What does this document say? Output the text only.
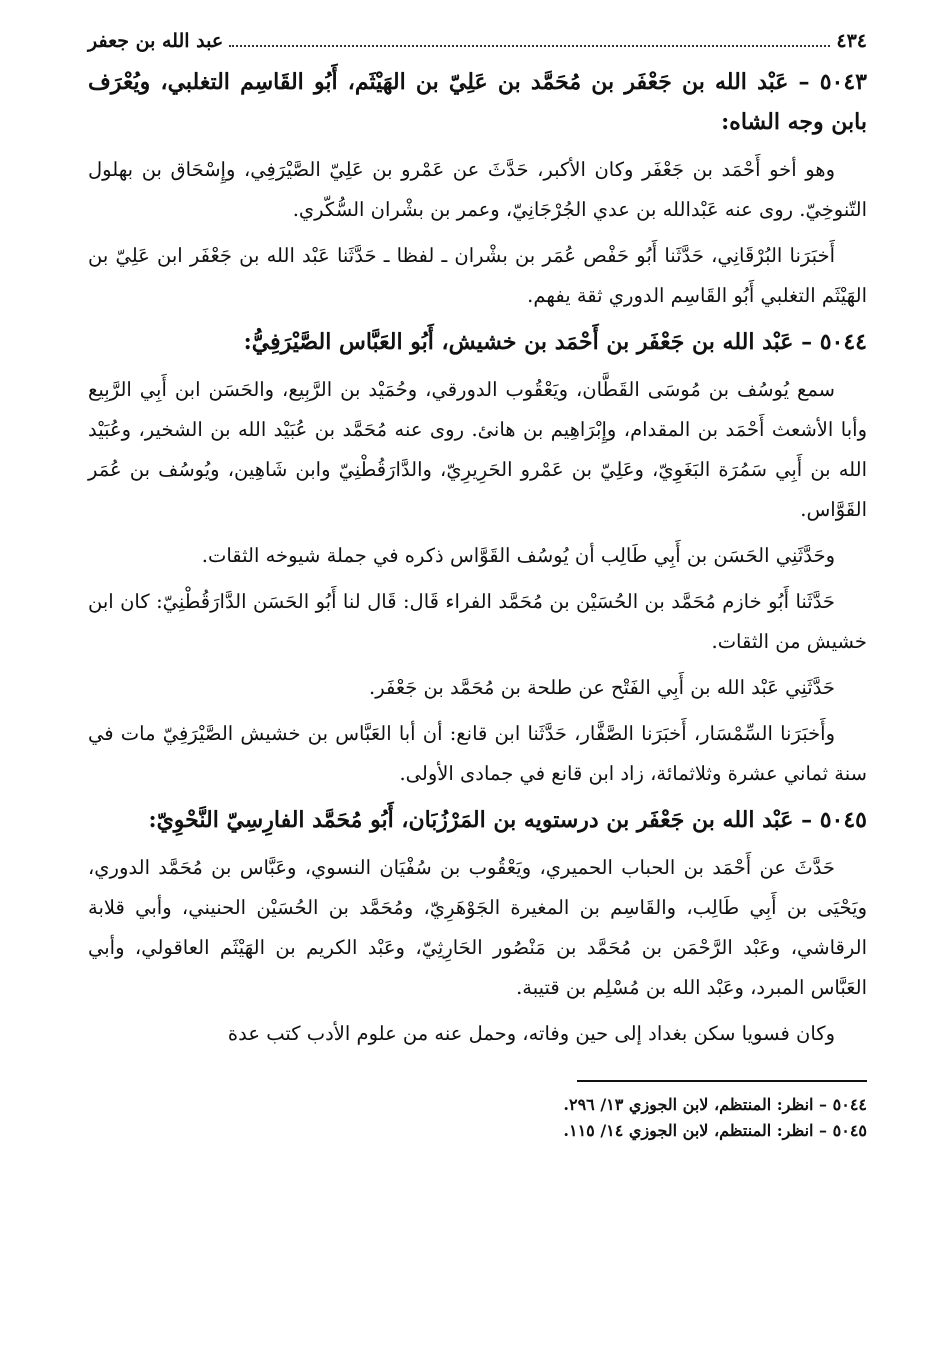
٤٣٤
عبد الله بن جعفر

٥٠٤٣ – عَبْد الله بن جَعْفَر بن مُحَمَّد بن عَلِيّ بن الهَيْثَم، أَبُو القَاسِم التغلبي، ويُعْرَف بابن وجه الشاه:

وهو أخو أَحْمَد بن جَعْفَر وكان الأكبر، حَدَّثَ عن عَمْرو بن عَلِيّ الصَّيْرَفِي، وإِسْحَاق بن بهلول التّنوخِيّ. روى عنه عَبْدالله بن عدي الجُرْجَانِيّ، وعمر بن بشْران السُّكّري.

أَخبَرَنا البُرْقَانِي، حَدَّثَنا أَبُو حَفْص عُمَر بن بشْران ـ لفظا ـ حَدَّثَنا عَبْد الله بن جَعْفَر ابن عَلِيّ بن الهَيْثَم التغلبي أَبُو القَاسِم الدوري ثقة يفهم.

٥٠٤٤ – عَبْد الله بن جَعْفَر بن أَحْمَد بن خشيش، أَبُو العَبَّاس الصَّيْرَفِيُّ:

سمع يُوسُف بن مُوسَى القَطَّان، ويَعْقُوب الدورقي، وحُمَيْد بن الرَّبِيع، والحَسَن ابن أَبِي الرَّبِيع وأبا الأشعث أَحْمَد بن المقدام، وإِبْرَاهِيم بن هانئ. روى عنه مُحَمَّد بن عُبَيْد الله بن الشخير، وعُبَيْد الله بن أَبِي سَمُرَة البَغَوِيّ، وعَلِيّ بن عَمْرو الحَرِيرِيّ، والدَّارَقُطْنِيّ وابن شَاهِين، ويُوسُف بن عُمَر القَوَّاس.

وحَدَّثَنِي الحَسَن بن أَبِي طَالِب أن يُوسُف القَوَّاس ذكره في جملة شيوخه الثقات.

حَدَّثَنا أَبُو خازم مُحَمَّد بن الحُسَيْن بن مُحَمَّد الفراء قَال: قَال لنا أَبُو الحَسَن الدَّارَقُطْنِيّ: كان ابن خشيش من الثقات.

حَدَّثَنِي عَبْد الله بن أَبِي الفَتْح عن طلحة بن مُحَمَّد بن جَعْفَر.

وأَخبَرَنا السِّمْسَار، أَخبَرَنا الصَّفَّار، حَدَّثَنا ابن قانع: أن أبا العَبَّاس بن خشيش الصَّيْرَفِيّ مات في سنة ثماني عشرة وثلاثمائة، زاد ابن قانع في جمادى الأولى.

٥٠٤٥ – عَبْد الله بن جَعْفَر بن درستويه بن المَرْزُبَان، أَبُو مُحَمَّد الفارِسِيّ النَّحْوِيّ:

حَدَّثَ عن أَحْمَد بن الحباب الحميري، ويَعْقُوب بن سُفْيَان النسوي، وعَبَّاس بن مُحَمَّد الدوري، ويَحْيَى بن أَبِي طَالِب، والقَاسِم بن المغيرة الجَوْهَرِيّ، ومُحَمَّد بن الحُسَيْن الحنيني، وأبي قلابة الرقاشي، وعَبْد الرَّحْمَن بن مُحَمَّد بن مَنْصُور الحَارِثِيّ، وعَبْد الكريم بن الهَيْثَم العاقولي، وأبي العَبَّاس المبرد، وعَبْد الله بن مُسْلِم بن قتيبة.

وكان فسويا سكن بغداد إلى حين وفاته، وحمل عنه من علوم الأدب كتب عدة

٥٠٤٤ – انظر: المنتظم، لابن الجوزي ١٣/ ٢٩٦.

٥٠٤٥ – انظر: المنتظم، لابن الجوزي ١٤/ ١١٥.
